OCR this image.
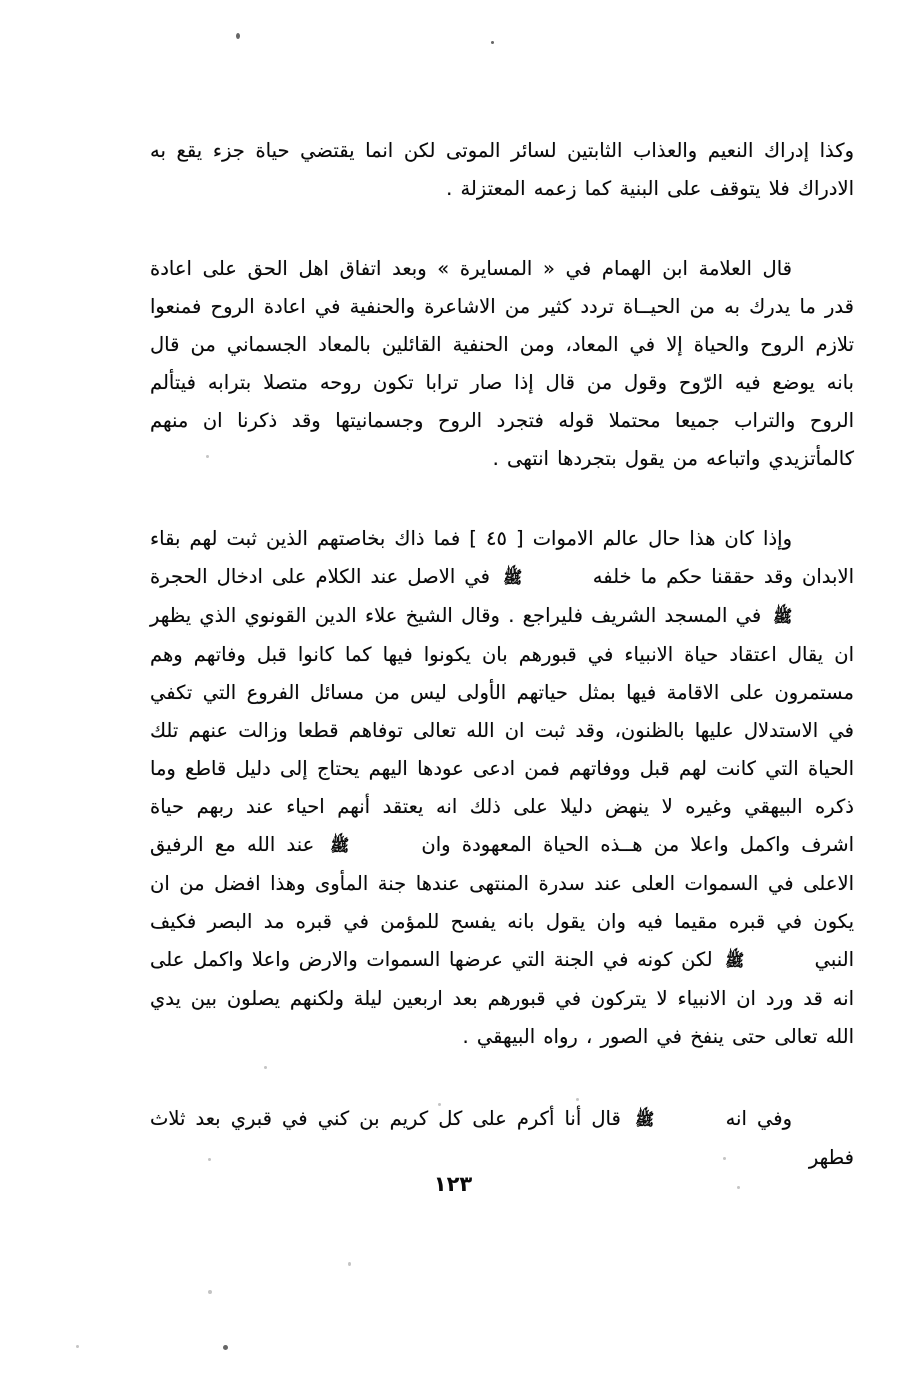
وكذا إدراك النعيم والعذاب الثابتين لسائر الموتى لكن انما يقتضي حياة جزء يقع به الادراك فلا يتوقف على البنية كما زعمه المعتزلة .

قال العلامة ابن الهمام في « المسايرة » وبعد اتفاق اهل الحق على اعادة قدر ما يدرك به من الحيــاة تردد كثير من الاشاعرة والحنفية في اعادة الروح فمنعوا تلازم الروح والحياة إلا في المعاد، ومن الحنفية القائلين بالمعاد الجسماني من قال بانه يوضع فيه الرّوح وقول من قال إذا صار ترابا تكون روحه متصلا بترابه فيتألم الروح والتراب جميعا محتملا قوله فتجرد الروح وجسمانيتها وقد ذكرنا ان منهم كالمأتزيدي واتباعه من يقول بتجردها انتهى .

وإذا كان هذا حال عالم الاموات [ ٤٥ ] فما ذاك بخاصتهم الذين ثبت لهم بقاء الابدان وقد حققنا حكم ما خلفه ﷺ في الاصل عند الكلام على ادخال الحجرة ﷺ في المسجد الشريف فليراجع . وقال الشيخ علاء الدين القونوي الذي يظهر ان يقال اعتقاد حياة الانبياء في قبورهم بان يكونوا فيها كما كانوا قبل وفاتهم وهم مستمرون على الاقامة فيها بمثل حياتهم الأولى ليس من مسائل الفروع التي تكفي في الاستدلال عليها بالظنون، وقد ثبت ان الله تعالى توفاهم قطعا وزالت عنهم تلك الحياة التي كانت لهم قبل ووفاتهم فمن ادعى عودها اليهم يحتاج إلى دليل قاطع وما ذكره البيهقي وغيره لا ينهض دليلا على ذلك انه يعتقد أنهم احياء عند ربهم حياة اشرف واكمل واعلا من هــذه الحياة المعهودة وان ﷺ عند الله مع الرفيق الاعلى في السموات العلى عند سدرة المنتهى عندها جنة المأوى وهذا افضل من ان يكون في قبره مقيما فيه وان يقول بانه يفسح للمؤمن في قبره مد البصر فكيف النبي ﷺ لكن كونه في الجنة التي عرضها السموات والارض واعلا واكمل على انه قد ورد ان الانبياء لا يتركون في قبورهم بعد اربعين ليلة ولكنهم يصلون بين يدي الله تعالى حتى ينفخ في الصور ، رواه البيهقي .

وفي انه ﷺ قال أنا أكرم على كل كريم بن كني في قبري بعد ثلاث فطهر

١٢٣
